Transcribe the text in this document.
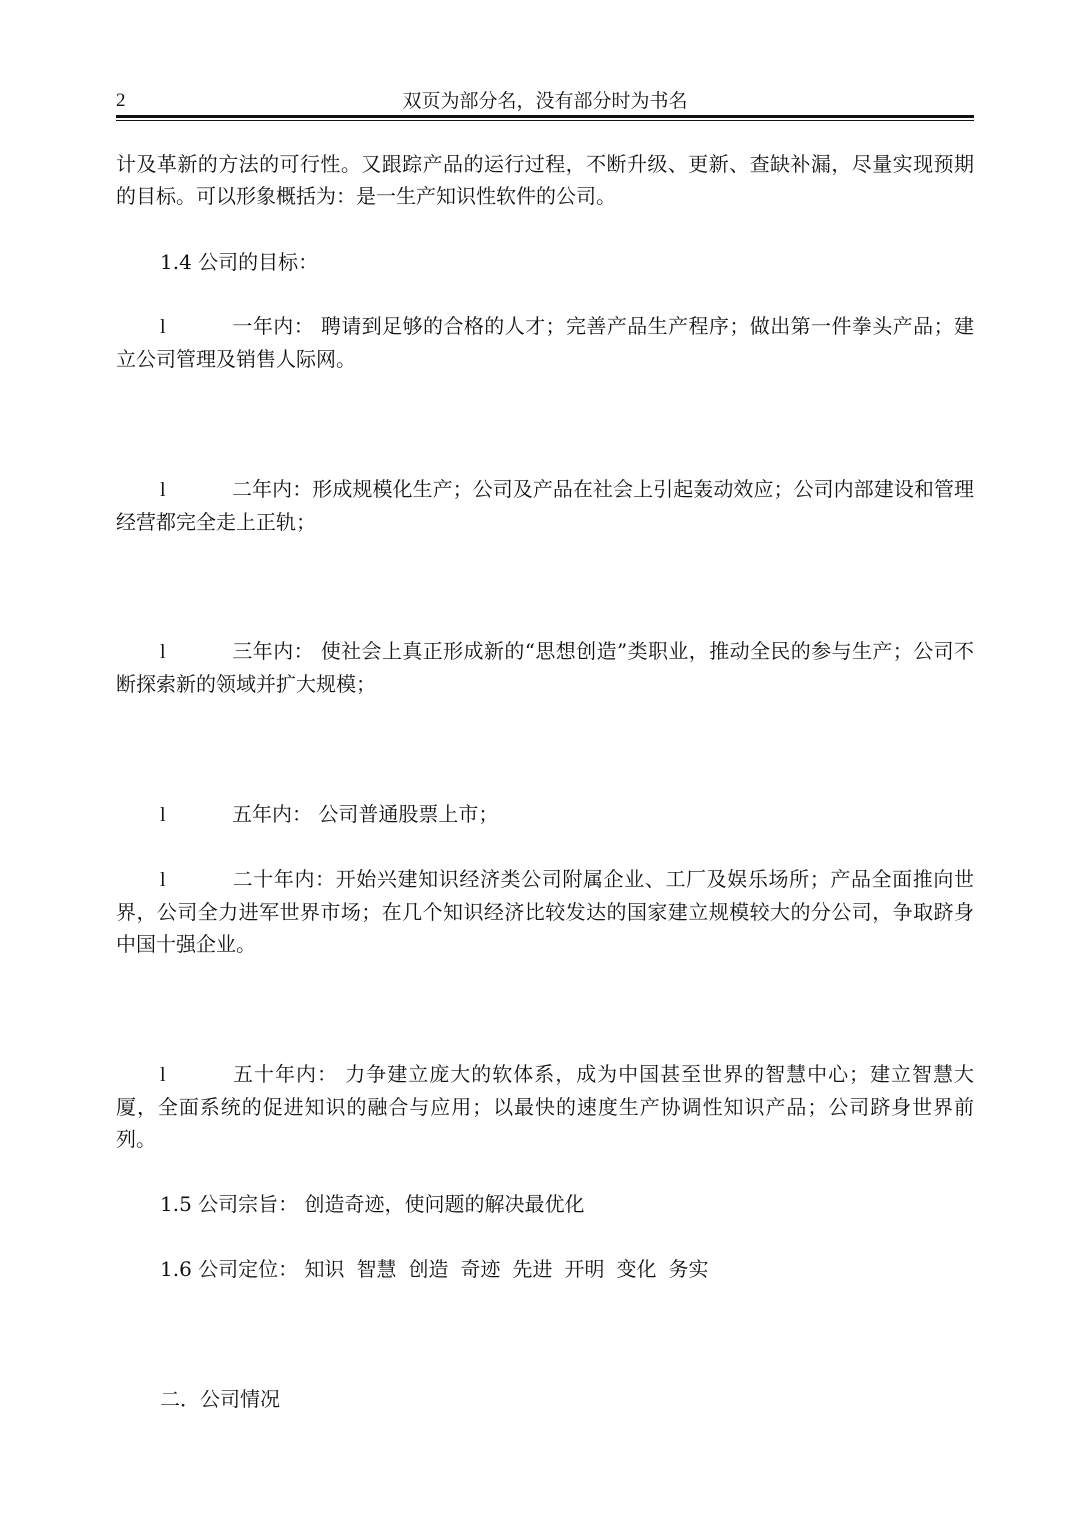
2	双页为部分名，没有部分时为书名
计及革新的方法的可行性。又跟踪产品的运行过程，不断升级、更新、查缺补漏，尽量实现预期的目标。可以形象概括为：是一生产知识性软件的公司。
1.4 公司的目标：
l	一年内： 聘请到足够的合格的人才；完善产品生产程序；做出第一件拳头产品；建立公司管理及销售人际网。
l	二年内：形成规模化生产；公司及产品在社会上引起轰动效应；公司内部建设和管理经营都完全走上正轨；
l	三年内： 使社会上真正形成新的“思想创造”类职业，推动全民的参与生产；公司不断探索新的领域并扩大规模；
l	五年内： 公司普通股票上市；
l	二十年内：开始兴建知识经济类公司附属企业、工厂及娱乐场所；产品全面推向世界，公司全力进军世界市场；在几个知识经济比较发达的国家建立规模较大的分公司，争取跻身中国十强企业。
l	五十年内： 力争建立庞大的软体系，成为中国甚至世界的智慧中心；建立智慧大厦，全面系统的促进知识的融合与应用；以最快的速度生产协调性知识产品；公司跻身世界前列。
1.5 公司宗旨： 创造奇迹，使问题的解决最优化
1.6 公司定位： 知识 智慧 创造 奇迹 先进 开明 变化 务实
二．公司情况
